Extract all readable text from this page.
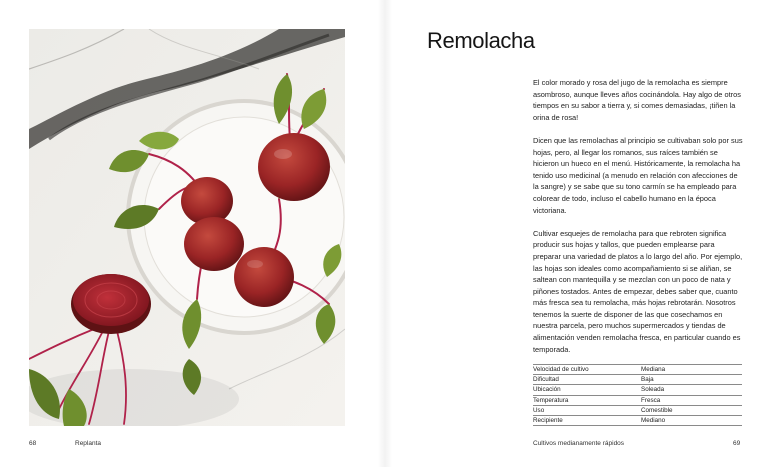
68	Replanta
Remolacha

El color morado y rosa del jugo de la remolacha es siempre asombroso, aunque lleves años cocinándola. Hay algo de otros tiempos en su sabor a tierra y, si comes demasiadas, ¡tiñen la orina de rosa!

Dicen que las remolachas al principio se cultivaban solo por sus hojas, pero, al llegar los romanos, sus raíces también se hicieron un hueco en el menú. Históricamente, la remolacha ha tenido uso medicinal (a menudo en relación con afecciones de la sangre) y se sabe que su tono carmín se ha empleado para colorear de todo, incluso el cabello humano en la época victoriana.

Cultivar esquejes de remolacha para que rebroten significa producir sus hojas y tallos, que pueden emplearse para preparar una variedad de platos a lo largo del año. Por ejemplo, las hojas son ideales como acompañamiento si se aliñan, se saltean con mantequilla y se mezclan con un poco de nata y piñones tostados. Antes de empezar, debes saber que, cuanto más fresca sea tu remolacha, más hojas rebrotarán. Nosotros tenemos la suerte de disponer de las que cosechamos en nuestra parcela, pero muchos supermercados y tiendas de alimentación venden remolacha fresca, en particular cuando es temporada.

Velocidad de cultivo	Mediana
Dificultad	Baja
Ubicación	Soleada
Temperatura	Fresca
Uso	Comestible
Recipiente	Mediano
Cultivos medianamente rápidos	69
